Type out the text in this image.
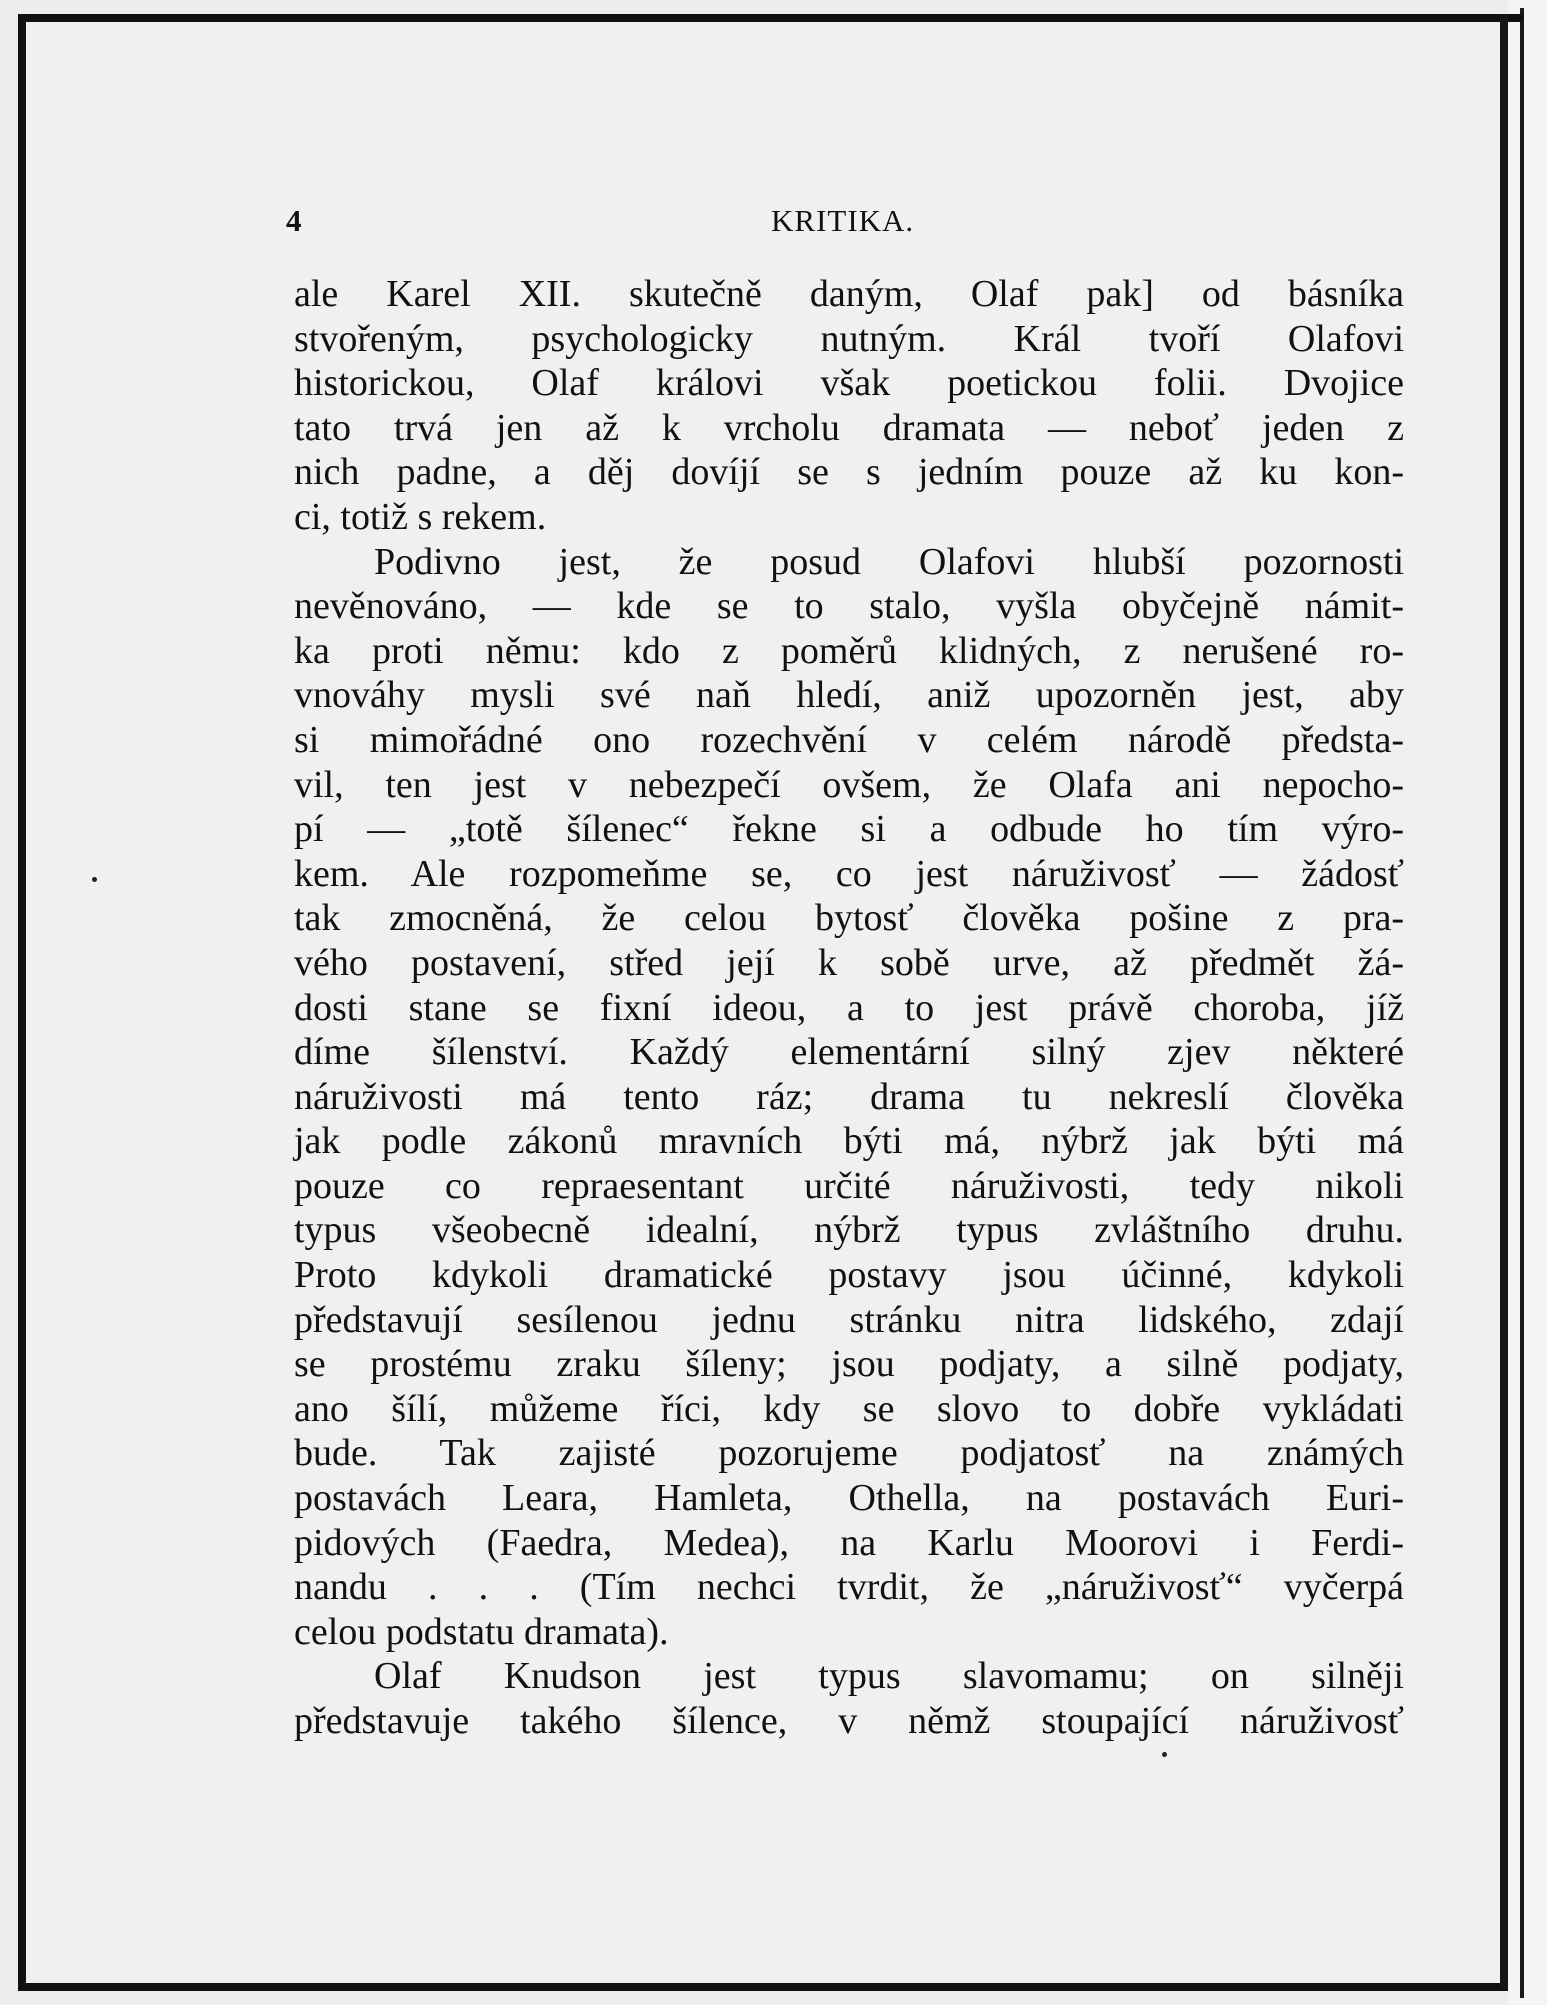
4	KRITIKA.
ale Karel XII. skutečně daným, Olaf pak] od básníka
stvořeným, psychologicky nutným. Král tvoří Olafovi
historickou, Olaf královi však poetickou folii. Dvojice
tato trvá jen až k vrcholu dramata — neboť jeden z
nich padne, a děj dovíjí se s jedním pouze až ku kon-
ci, totiž s rekem.
Podivno jest, že posud Olafovi hlubší pozornosti
nevěnováno, — kde se to stalo, vyšla obyčejně námit-
ka proti němu: kdo z poměrů klidných, z nerušené ro-
vnováhy mysli své naň hledí, aniž upozorněn jest, aby
si mimořádné ono rozechvění v celém národě předsta-
vil, ten jest v nebezpečí ovšem, že Olafa ani nepocho-
pí — „totě šílenec“ řekne si a odbude ho tím výro-
kem. Ale rozpomeňme se, co jest náruživosť — žádosť
tak zmocněná, že celou bytosť člověka pošine z pra-
vého postavení, střed její k sobě urve, až předmět žá-
dosti stane se fixní ideou, a to jest právě choroba, jíž
díme šílenství. Každý elementární silný zjev některé
náruživosti má tento ráz; drama tu nekreslí člověka
jak podle zákonů mravních býti má, nýbrž jak býti má
pouze co repraesentant určité náruživosti, tedy nikoli
typus všeobecně idealní, nýbrž typus zvláštního druhu.
Proto kdykoli dramatické postavy jsou účinné, kdykoli
představují sesílenou jednu stránku nitra lidského, zdají
se prostému zraku šíleny; jsou podjaty, a silně podjaty,
ano šílí, můžeme říci, kdy se slovo to dobře vykládati
bude. Tak zajisté pozorujeme podjatosť na známých
postavách Leara, Hamleta, Othella, na postavách Euri-
pidových (Faedra, Medea), na Karlu Moorovi i Ferdi-
nandu . . . (Tím nechci tvrdit, že „náruživosť“ vyčerpá
celou podstatu dramata).
Olaf Knudson jest typus slavomamu; on silněji
představuje takého šílence, v němž stoupající náruživosť
